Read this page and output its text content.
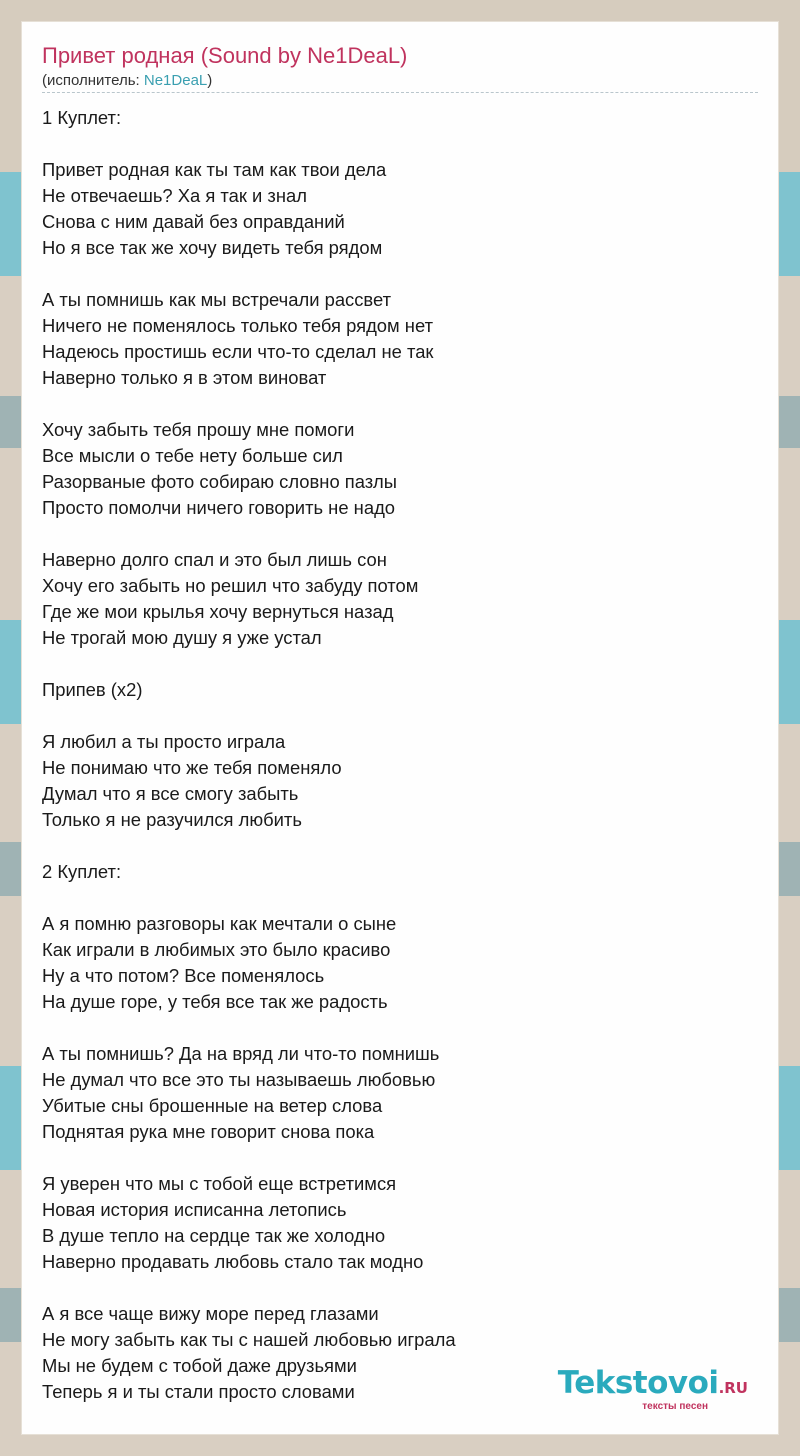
Привет родная (Sound by Ne1DeaL)
(исполнитель: Ne1DeaL)
1 Куплет:
Привет родная как ты там как твои дела
Не отвечаешь? Ха я так и знал
Снова с ним давай без оправданий
Но я все так же хочу видеть тебя рядом
А ты помнишь как мы встречали рассвет
Ничего не поменялось только тебя рядом нет
Надеюсь простишь если что-то сделал не так
Наверно только я в этом виноват
Хочу забыть тебя прошу мне помоги
Все мысли о тебе нету больше сил
Разорваные фото собираю словно пазлы
Просто помолчи ничего говорить не надо
Наверно долго спал и это был лишь сон
Хочу его забыть но решил что забуду потом
Где же мои крылья хочу вернуться назад
Не трогай мою душу я уже устал
Припев (x2)
Я любил а ты просто играла
Не понимаю что же тебя поменяло
Думал что я все смогу забыть
Только я не разучился любить
2 Куплет:
А я помню разговоры как мечтали о сыне
Как играли в любимых это было красиво
Ну а что потом? Все поменялось
На душе горе, у тебя все так же радость
А ты помнишь? Да на вряд ли что-то помнишь
Не думал что все это ты называешь любовью
Убитые сны брошенные на ветер слова
Поднятая рука мне говорит снова пока
Я уверен что мы с тобой еще встретимся
Новая история исписанна летопись
В душе тепло на сердце так же холодно
Наверно продавать любовь стало так модно
А я все чаще вижу море перед глазами
Не могу забыть как ты с нашей любовью играла
Мы не будем с тобой даже друзьями
Теперь я и ты стали просто словами	Tekstovoi.RU
тексты песен
